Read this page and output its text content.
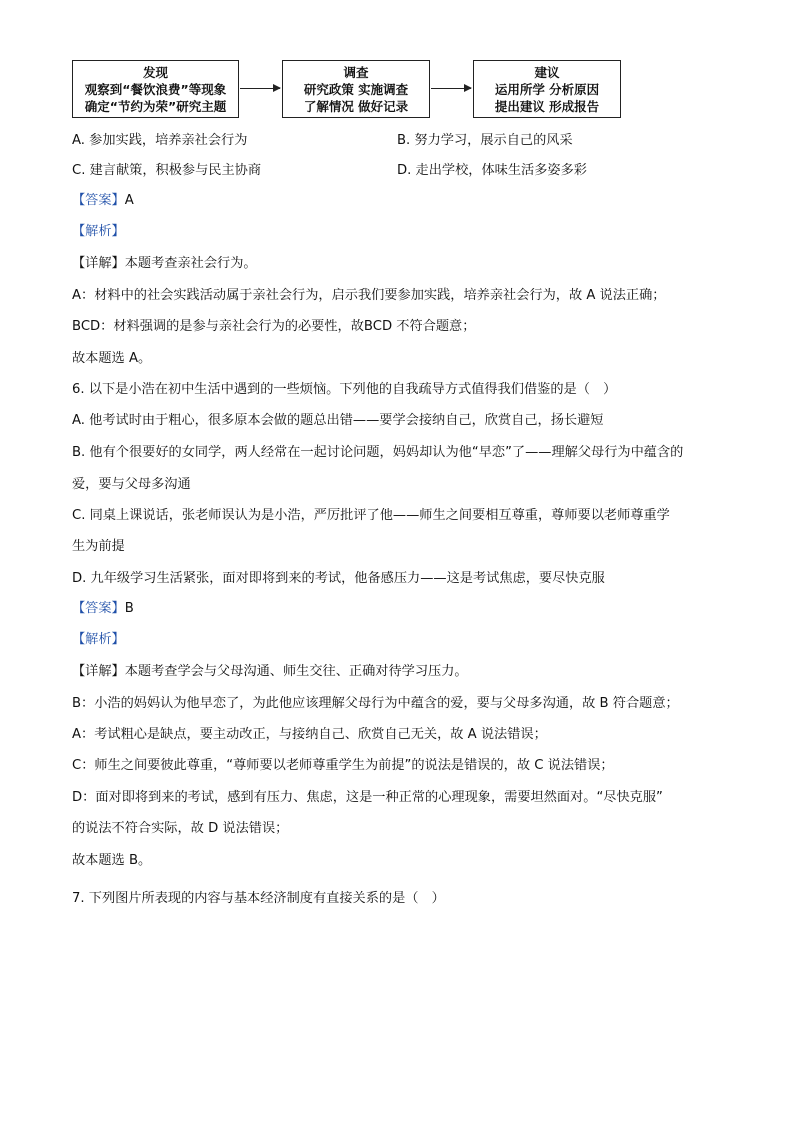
发现
观察到“餐饮浪费”等现象
确定“节约为荣”研究主题
调查
研究政策 实施调查
了解情况 做好记录
建议
运用所学 分析原因
提出建议 形成报告
A. 参加实践，培养亲社会行为	B. 努力学习，展示自己的风采
C. 建言献策，积极参与民主协商	D. 走出学校，体味生活多姿多彩
【答案】A
【解析】
【详解】本题考查亲社会行为。
A：材料中的社会实践活动属于亲社会行为，启示我们要参加实践，培养亲社会行为，故 A 说法正确；
BCD：材料强调的是参与亲社会行为的必要性，故BCD 不符合题意；
故本题选 A。
6. 以下是小浩在初中生活中遇到的一些烦恼。下列他的自我疏导方式值得我们借鉴的是（　）
A. 他考试时由于粗心，很多原本会做的题总出错——要学会接纳自己，欣赏自己，扬长避短
B. 他有个很要好的女同学，两人经常在一起讨论问题，妈妈却认为他“早恋”了——理解父母行为中蕴含的
爱，要与父母多沟通
C. 同桌上课说话，张老师误认为是小浩，严厉批评了他——师生之间要相互尊重，尊师要以老师尊重学
生为前提
D. 九年级学习生活紧张，面对即将到来的考试，他备感压力——这是考试焦虑，要尽快克服
【答案】B
【解析】
【详解】本题考查学会与父母沟通、师生交往、正确对待学习压力。
B：小浩的妈妈认为他早恋了，为此他应该理解父母行为中蕴含的爱，要与父母多沟通，故 B 符合题意；
A：考试粗心是缺点，要主动改正，与接纳自己、欣赏自己无关，故 A 说法错误；
C：师生之间要彼此尊重，“尊师要以老师尊重学生为前提”的说法是错误的，故 C 说法错误；
D：面对即将到来的考试，感到有压力、焦虑，这是一种正常的心理现象，需要坦然面对。“尽快克服”
的说法不符合实际，故 D 说法错误；
故本题选 B。
7. 下列图片所表现的内容与基本经济制度有直接关系的是（　）
